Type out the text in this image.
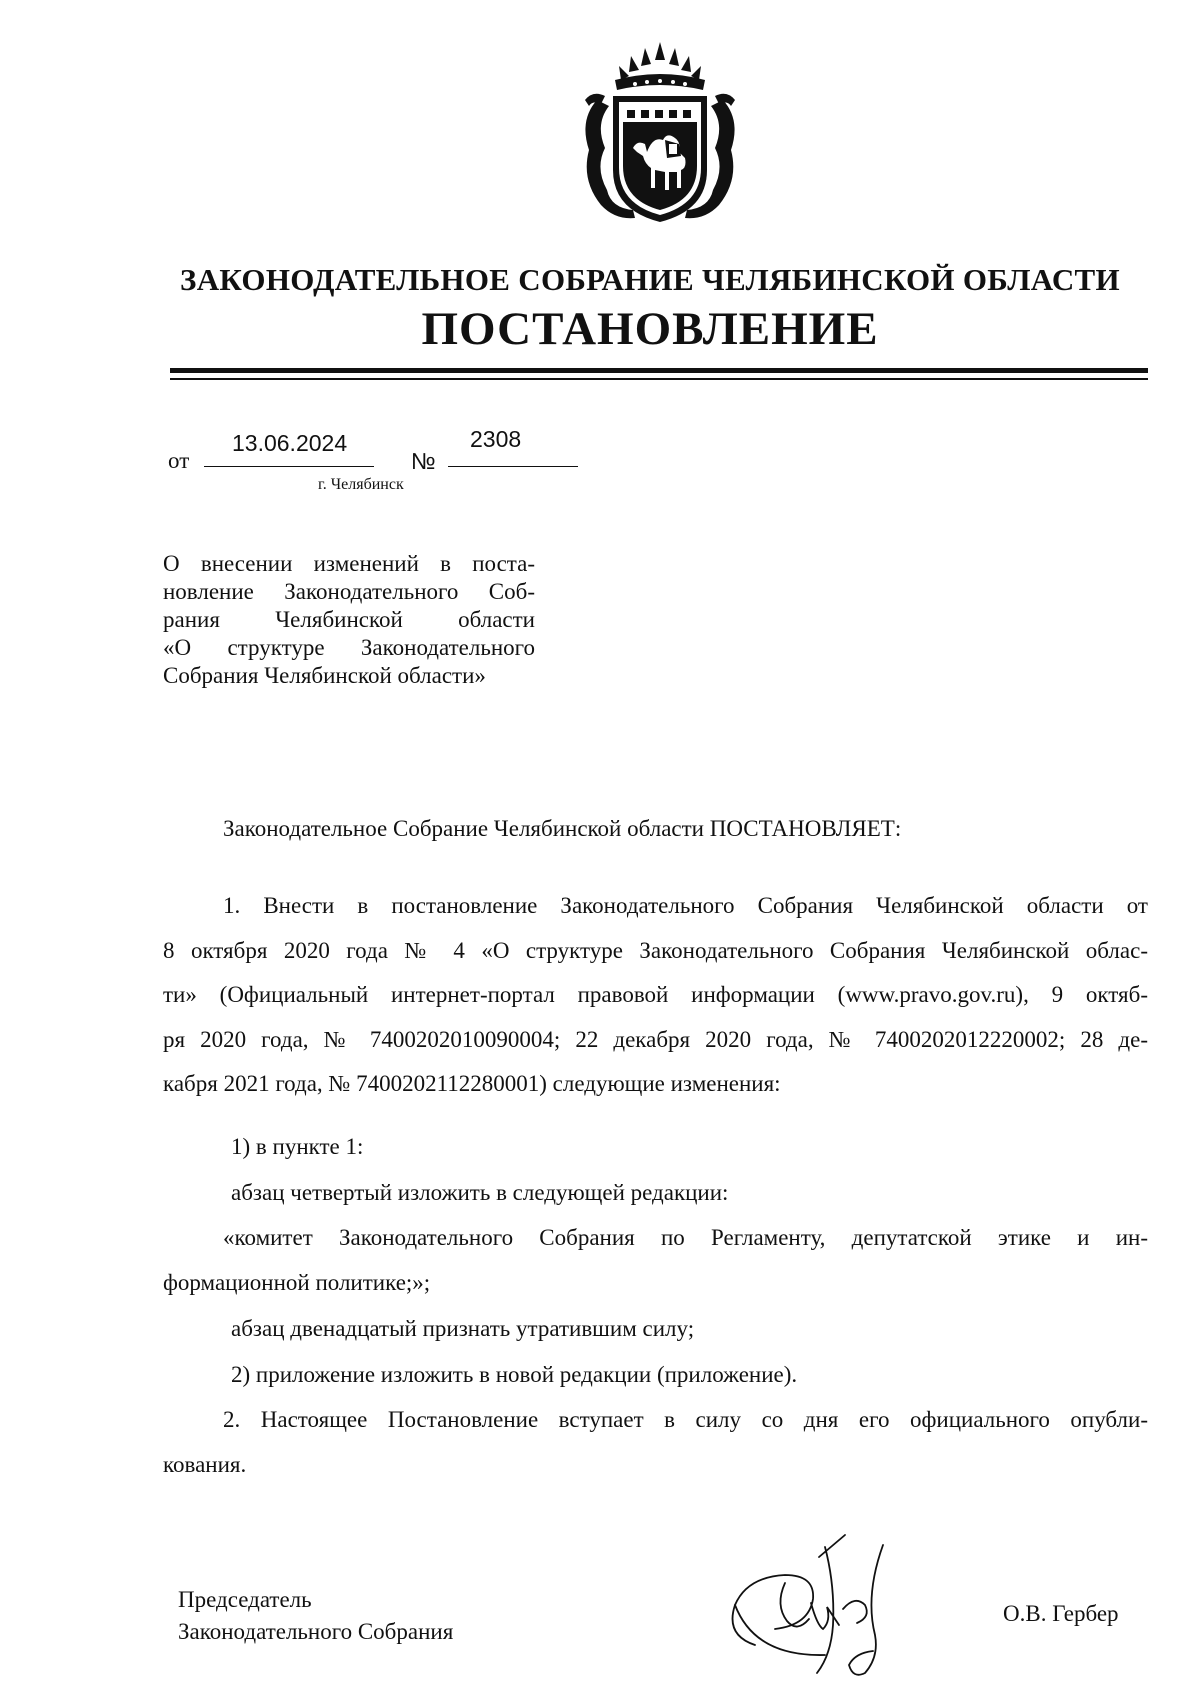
ЗАКОНОДАТЕЛЬНОЕ СОБРАНИЕ ЧЕЛЯБИНСКОЙ ОБЛАСТИ
ПОСТАНОВЛЕНИЕ
от
13.06.2024
№
2308
г. Челябинск
О внесении изменений в поста-
новление Законодательного Соб-
рания Челябинской области
«О структуре Законодательного
Собрания Челябинской области»
Законодательное Собрание Челябинской области ПОСТАНОВЛЯЕТ:
1. Внести в постановление Законодательного Собрания Челябинской области от
8 октября 2020 года № 4 «О структуре Законодательного Собрания Челябинской облас-
ти» (Официальный интернет-портал правовой информации (www.pravo.gov.ru), 9 октяб-
ря 2020 года, № 7400202010090004; 22 декабря 2020 года, № 7400202012220002; 28 де-
кабря 2021 года, № 7400202112280001) следующие изменения:
1) в пункте 1:
абзац четвертый изложить в следующей редакции:
«комитет Законодательного Собрания по Регламенту, депутатской этике и ин-
формационной политике;»;
абзац двенадцатый признать утратившим силу;
2) приложение изложить в новой редакции (приложение).
2. Настоящее Постановление вступает в силу со дня его официального опубли-
кования.
Председатель
Законодательного Собрания
О.В. Гербер
